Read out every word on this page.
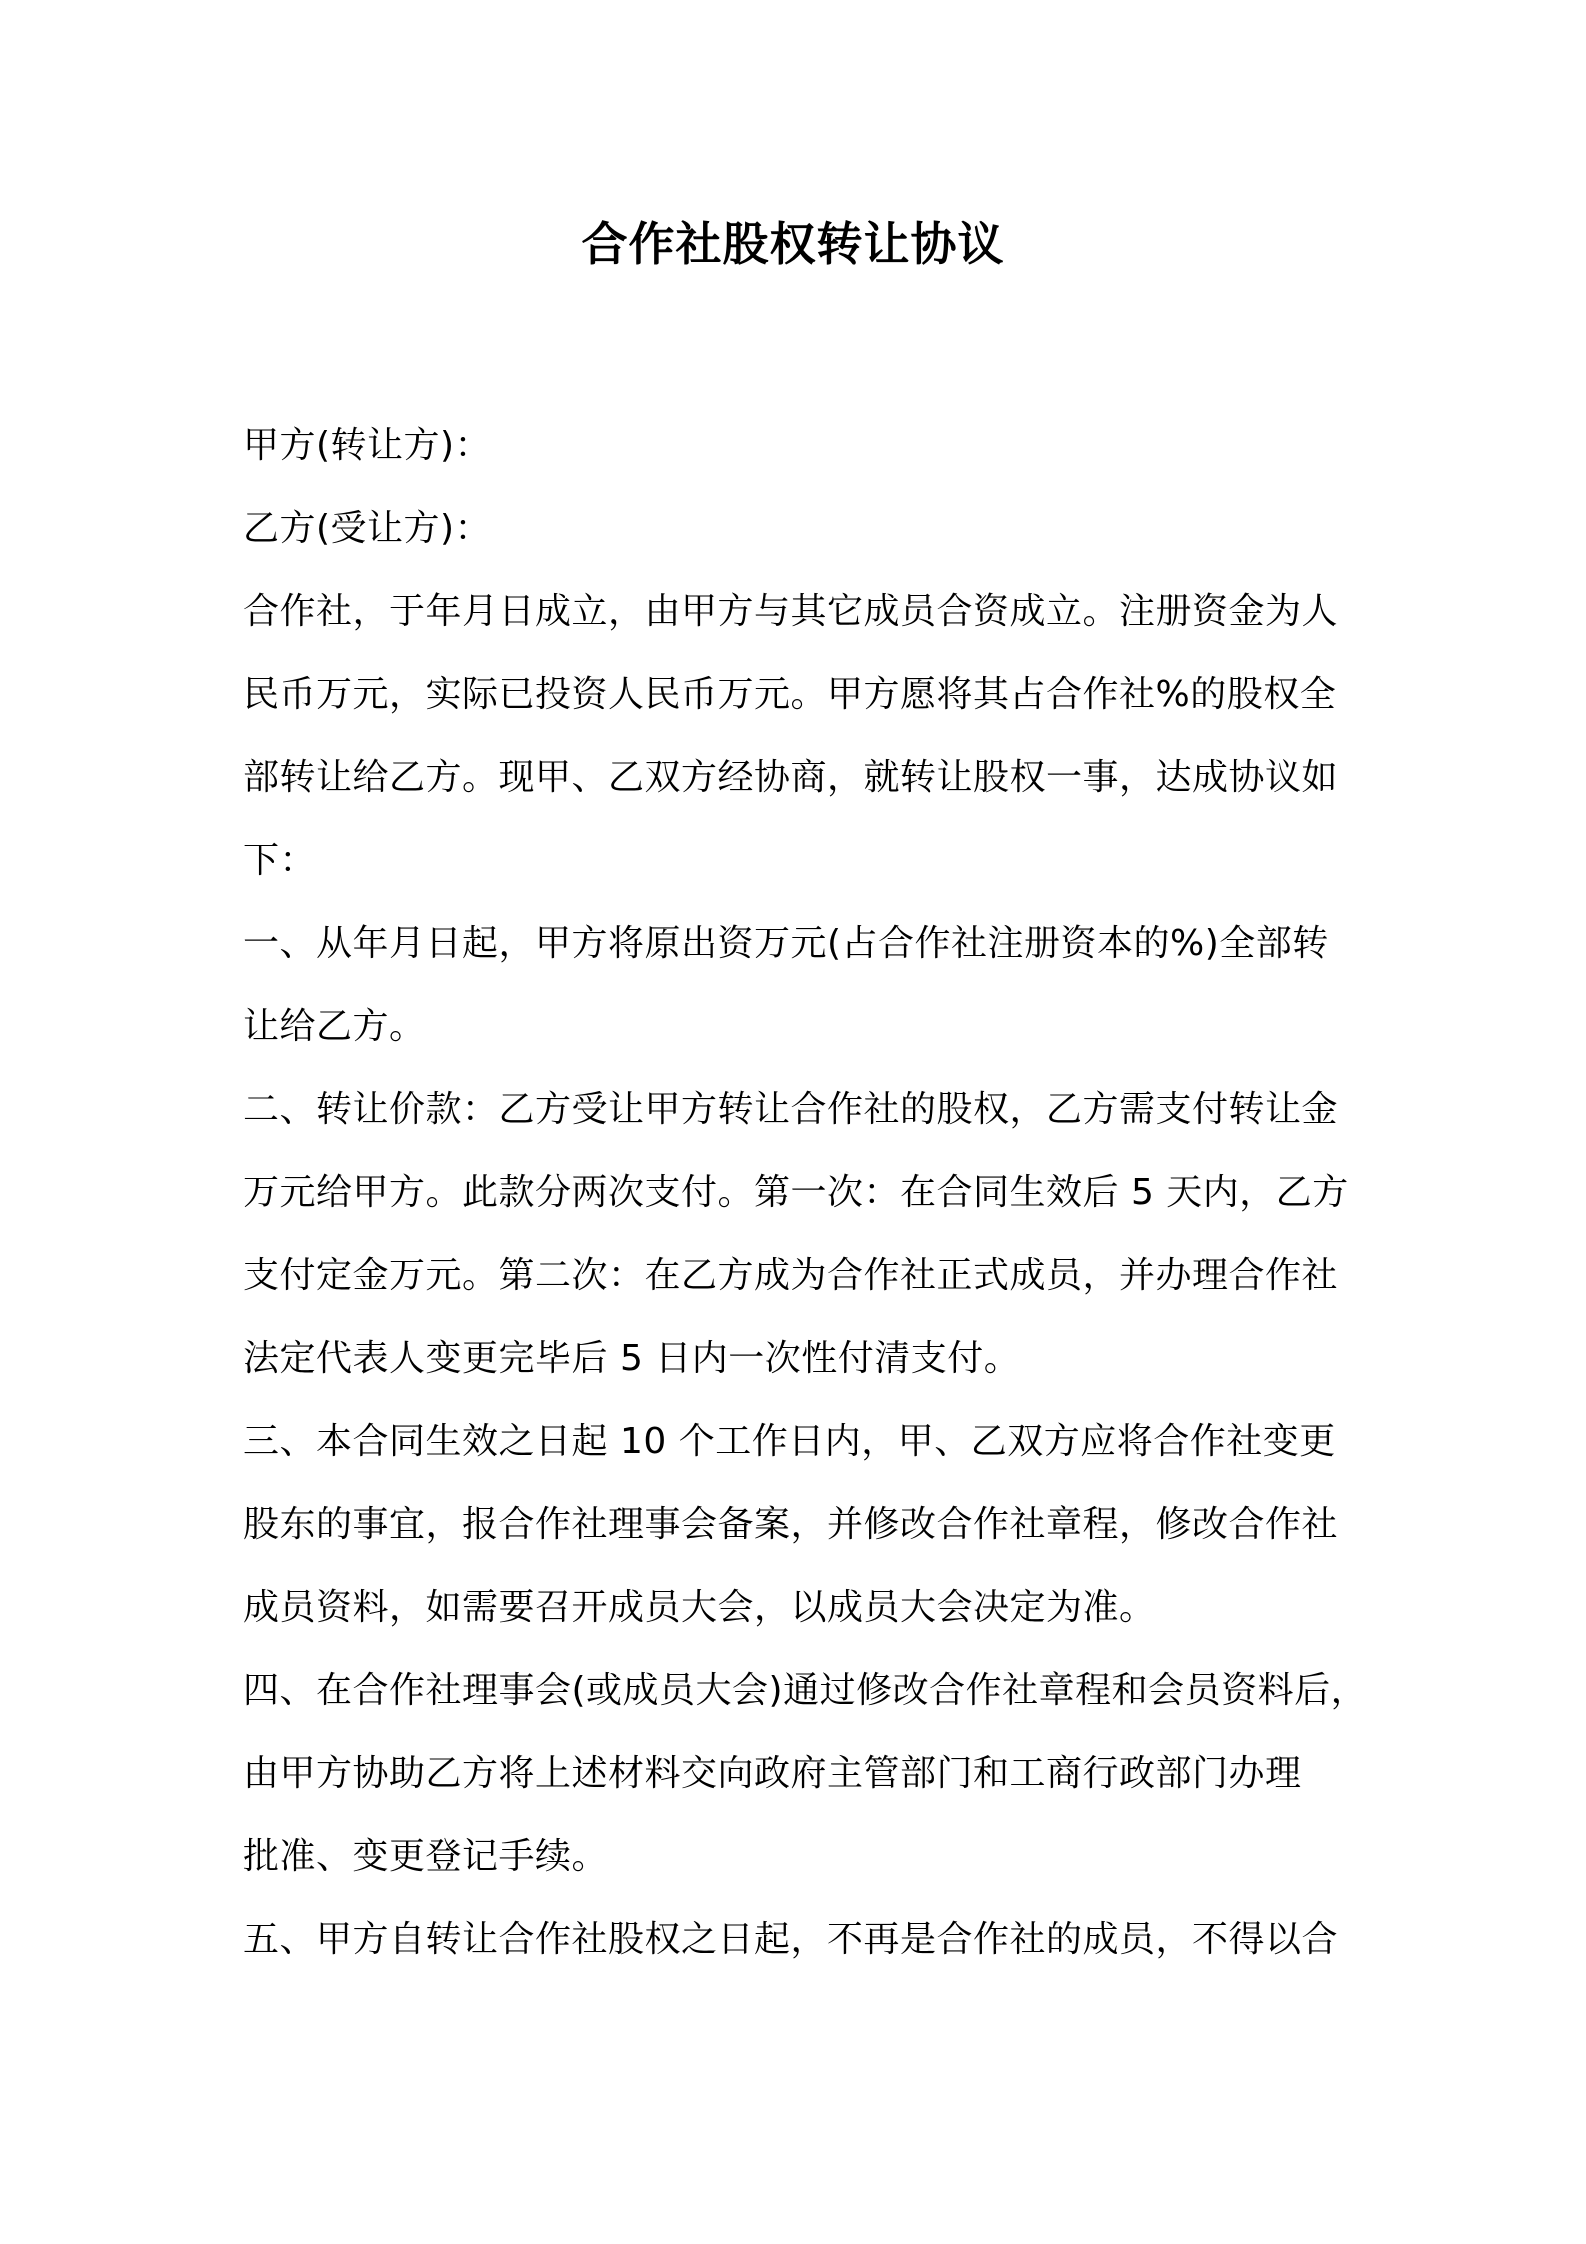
合作社股权转让协议
甲方(转让方)：
乙方(受让方)：
合作社，于年月日成立，由甲方与其它成员合资成立。注册资金为人
民币万元，实际已投资人民币万元。甲方愿将其占合作社%的股权全
部转让给乙方。现甲、乙双方经协商，就转让股权一事，达成协议如
下：
一、从年月日起，甲方将原出资万元(占合作社注册资本的%)全部转
让给乙方。
二、转让价款：乙方受让甲方转让合作社的股权，乙方需支付转让金
万元给甲方。此款分两次支付。第一次：在合同生效后 5 天内，乙方
支付定金万元。第二次：在乙方成为合作社正式成员，并办理合作社
法定代表人变更完毕后 5 日内一次性付清支付。
三、本合同生效之日起 10 个工作日内，甲、乙双方应将合作社变更
股东的事宜，报合作社理事会备案，并修改合作社章程，修改合作社
成员资料，如需要召开成员大会，以成员大会决定为准。
四、在合作社理事会(或成员大会)通过修改合作社章程和会员资料后，
由甲方协助乙方将上述材料交向政府主管部门和工商行政部门办理
批准、变更登记手续。
五、甲方自转让合作社股权之日起，不再是合作社的成员，不得以合
